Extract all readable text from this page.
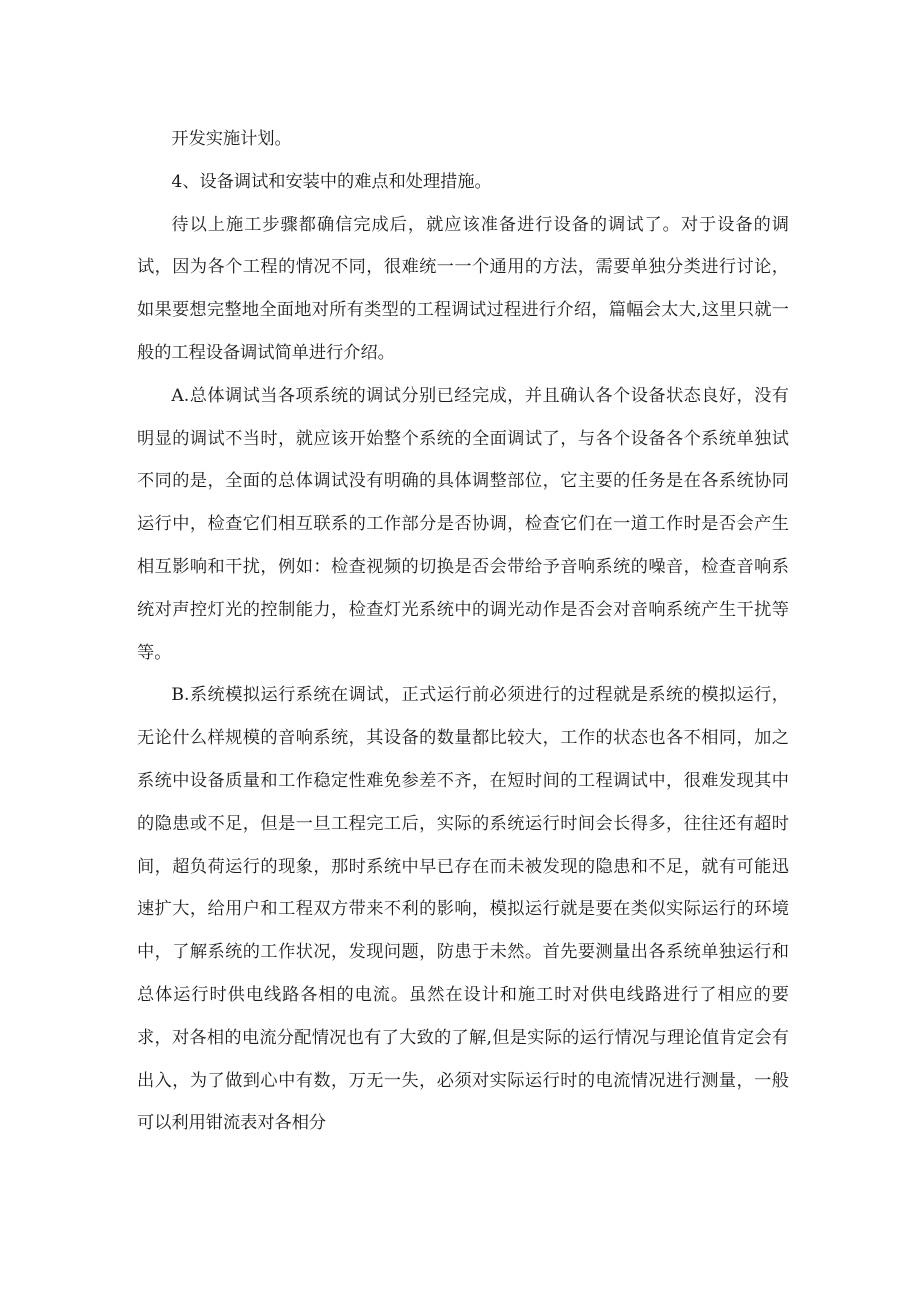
开发实施计划。

4、设备调试和安装中的难点和处理措施。

待以上施工步骤都确信完成后，就应该准备进行设备的调试了。对于设备的调试，因为各个工程的情况不同，很难统一一个通用的方法，需要单独分类进行讨论，如果要想完整地全面地对所有类型的工程调试过程进行介绍，篇幅会太大,这里只就一般的工程设备调试简单进行介绍。

A.总体调试当各项系统的调试分别已经完成，并且确认各个设备状态良好，没有明显的调试不当时，就应该开始整个系统的全面调试了，与各个设备各个系统单独试不同的是，全面的总体调试没有明确的具体调整部位，它主要的任务是在各系统协同运行中，检查它们相互联系的工作部分是否协调，检查它们在一道工作时是否会产生相互影响和干扰，例如：检查视频的切换是否会带给予音响系统的噪音，检查音响系统对声控灯光的控制能力，检查灯光系统中的调光动作是否会对音响系统产生干扰等等。

B.系统模拟运行系统在调试，正式运行前必须进行的过程就是系统的模拟运行，无论什么样规模的音响系统，其设备的数量都比较大，工作的状态也各不相同，加之系统中设备质量和工作稳定性难免参差不齐，在短时间的工程调试中，很难发现其中的隐患或不足，但是一旦工程完工后，实际的系统运行时间会长得多，往往还有超时间，超负荷运行的现象，那时系统中早已存在而未被发现的隐患和不足，就有可能迅速扩大，给用户和工程双方带来不利的影响，模拟运行就是要在类似实际运行的环境中，了解系统的工作状况，发现问题，防患于未然。首先要测量出各系统单独运行和总体运行时供电线路各相的电流。虽然在设计和施工时对供电线路进行了相应的要求，对各相的电流分配情况也有了大致的了解,但是实际的运行情况与理论值肯定会有出入，为了做到心中有数，万无一失，必须对实际运行时的电流情况进行测量，一般可以利用钳流表对各相分
